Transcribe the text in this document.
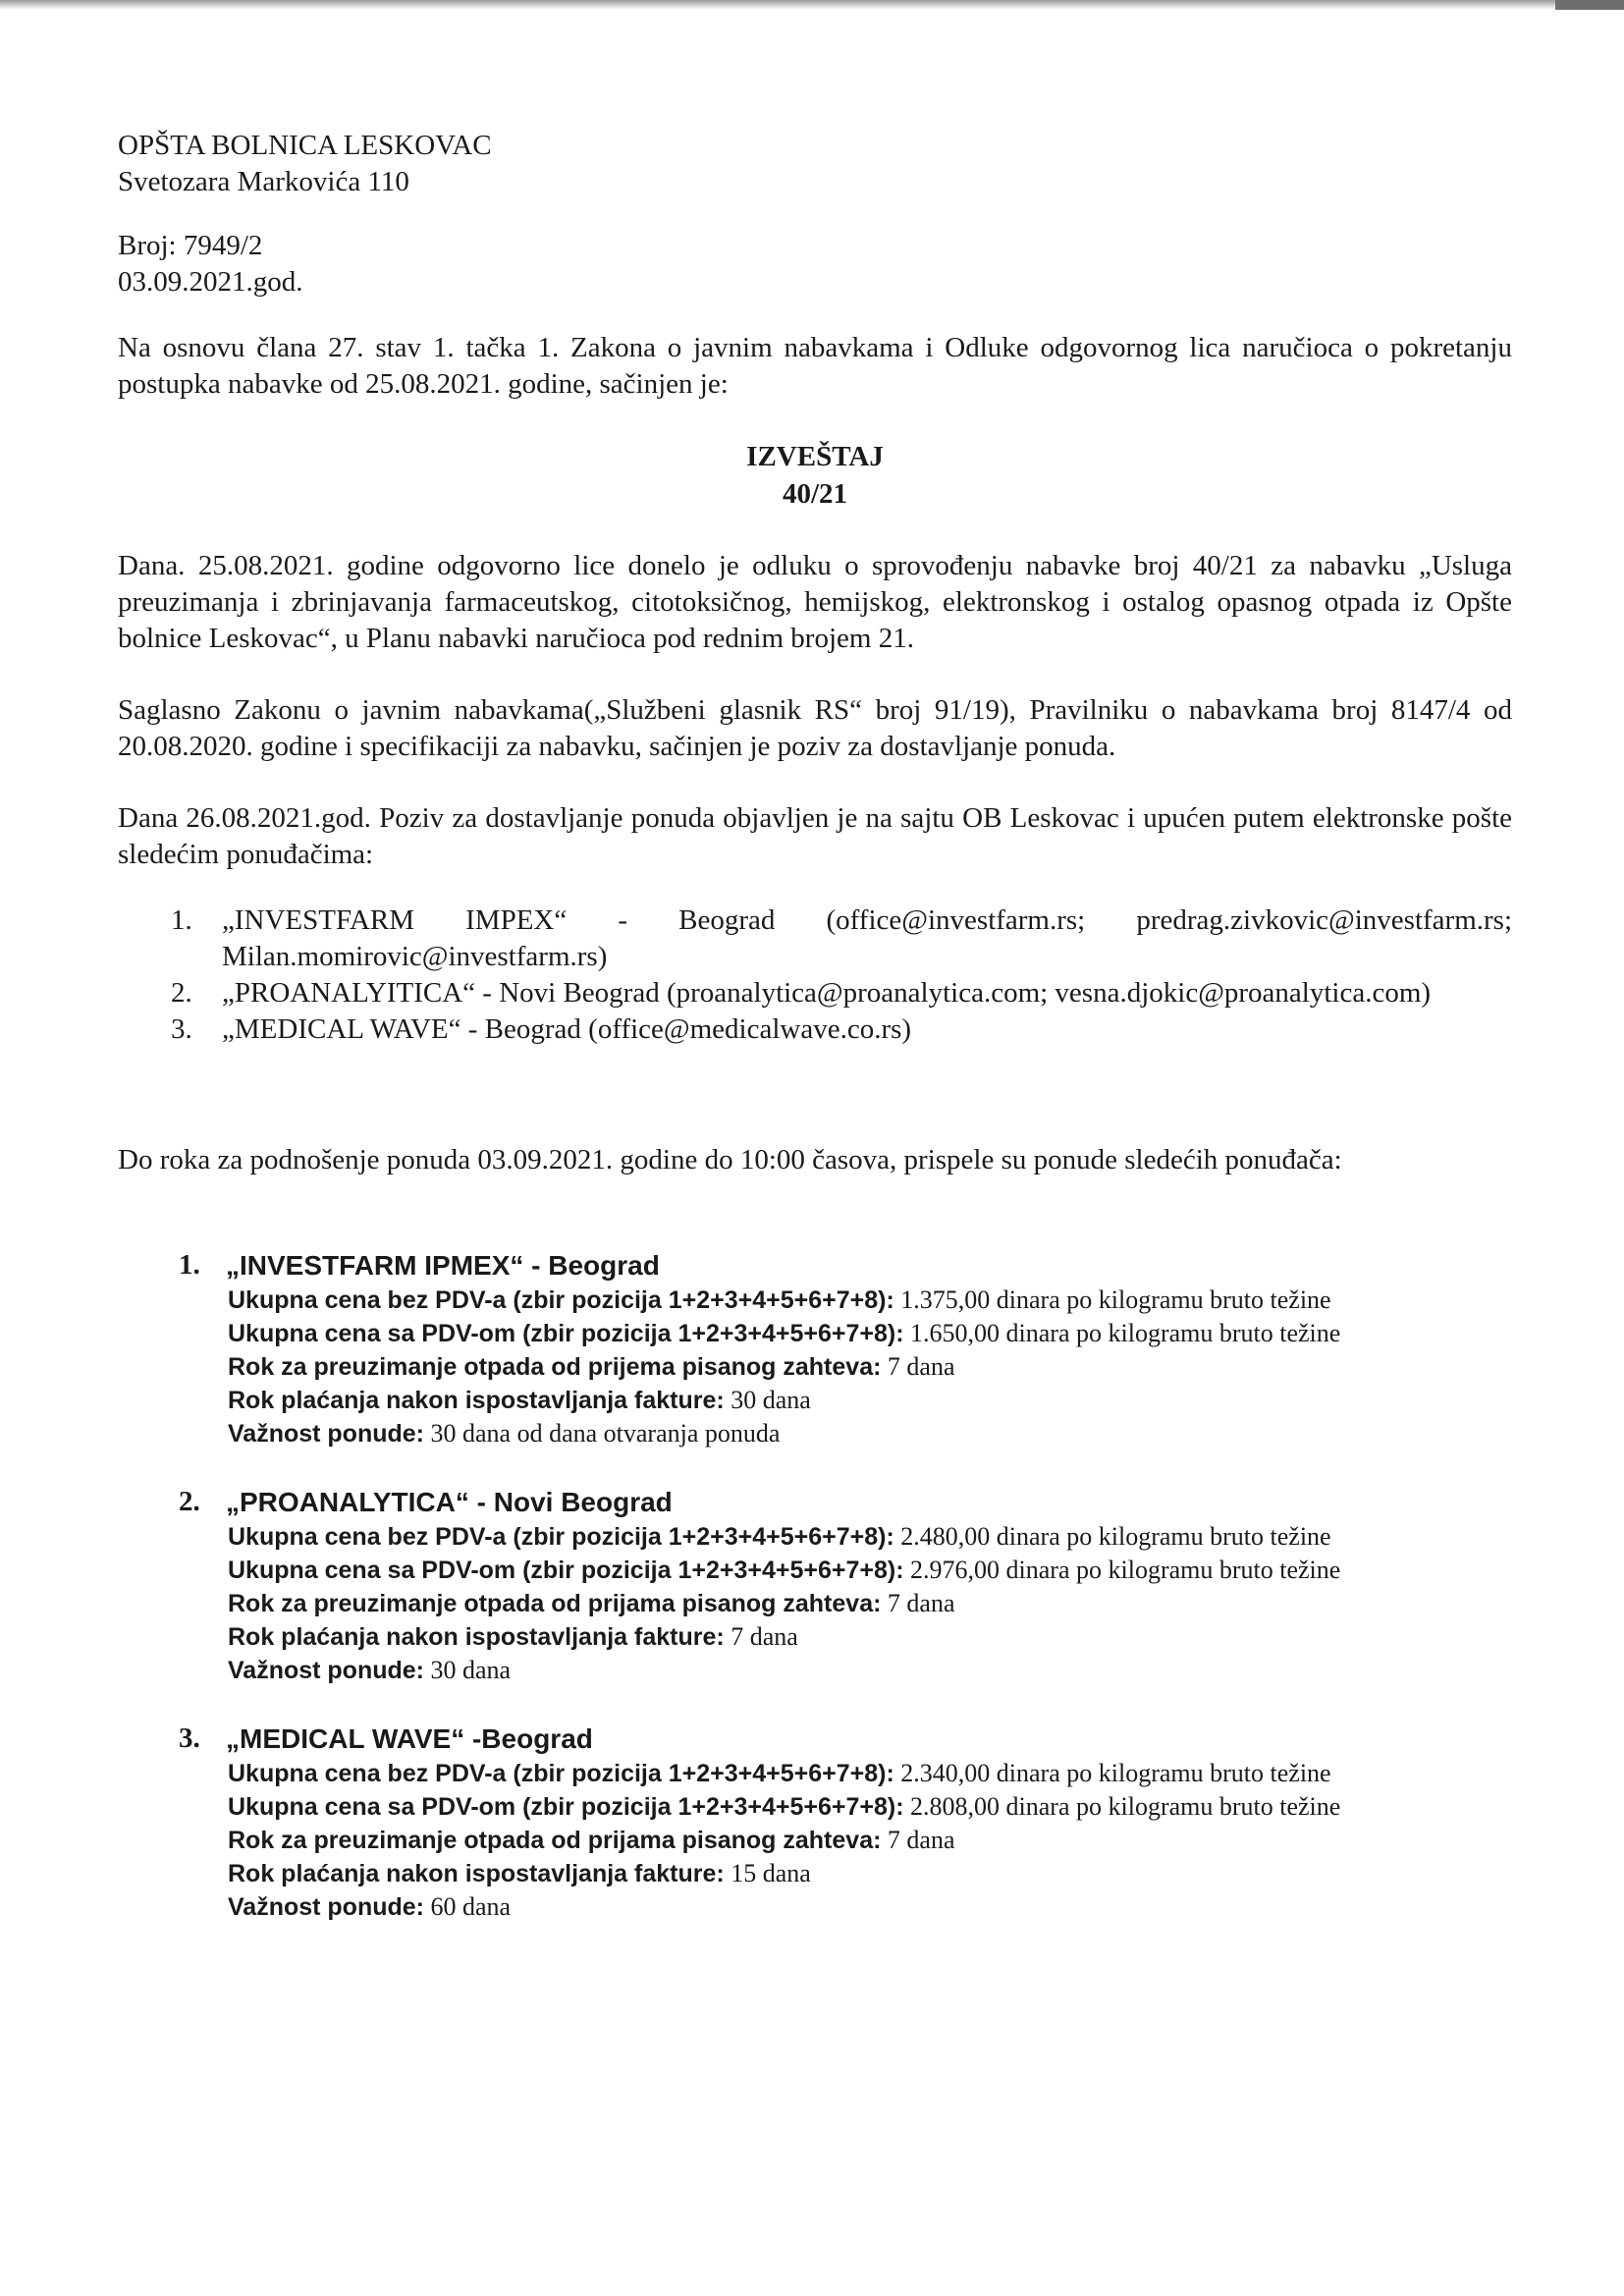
OPŠTA BOLNICA LESKOVAC

Svetozara Markovića 110

Broj: 7949/2

03.09.2021.god.

Na osnovu člana 27. stav 1. tačka 1. Zakona o javnim nabavkama i Odluke odgovornog lica naručioca o pokretanju postupka nabavke od 25.08.2021. godine, sačinjen je:

IZVEŠTAJ

40/21

Dana. 25.08.2021. godine odgovorno lice donelo je odluku o sprovođenju nabavke broj 40/21 za nabavku „Usluga preuzimanja i zbrinjavanja farmaceutskog, citotoksičnog, hemijskog, elektronskog i ostalog opasnog otpada iz Opšte bolnice Leskovac“, u Planu nabavki naručioca pod rednim brojem 21.

Saglasno Zakonu o javnim nabavkama(„Službeni glasnik RS“ broj 91/19), Pravilniku o nabavkama broj 8147/4 od 20.08.2020. godine i specifikaciji za nabavku, sačinjen je poziv za dostavljanje ponuda.

Dana 26.08.2021.god. Poziv za dostavljanje ponuda objavljen je na sajtu OB Leskovac i upućen putem elektronske pošte sledećim ponuđačima:

1. „INVESTFARM IMPEX“ - Beograd (office@investfarm.rs; predrag.zivkovic@investfarm.rs; Milan.momirovic@investfarm.rs)
2. „PROANALYITICA“ - Novi Beograd (proanalytica@proanalytica.com; vesna.djokic@proanalytica.com)
3. „MEDICAL WAVE“ - Beograd (office@medicalwave.co.rs)

Do roka za podnošenje ponuda 03.09.2021. godine do 10:00 časova, prispele su ponude sledećih ponuđača:

1. „INVESTFARM IPMEX“ - Beograd
Ukupna cena bez PDV-a (zbir pozicija 1+2+3+4+5+6+7+8): 1.375,00 dinara po kilogramu bruto težine
Ukupna cena sa PDV-om (zbir pozicija 1+2+3+4+5+6+7+8): 1.650,00 dinara po kilogramu bruto težine
Rok za preuzimanje otpada od prijema pisanog zahteva: 7 dana
Rok plaćanja nakon ispostavljanja fakture: 30 dana
Važnost ponude: 30 dana od dana otvaranja ponuda
2. „PROANALYTICA“ - Novi Beograd
Ukupna cena bez PDV-a (zbir pozicija 1+2+3+4+5+6+7+8): 2.480,00 dinara po kilogramu bruto težine
Ukupna cena sa PDV-om (zbir pozicija 1+2+3+4+5+6+7+8): 2.976,00 dinara po kilogramu bruto težine
Rok za preuzimanje otpada od prijama pisanog zahteva: 7 dana
Rok plaćanja nakon ispostavljanja fakture: 7 dana
Važnost ponude: 30 dana
3. „MEDICAL WAVE“ -Beograd
Ukupna cena bez PDV-a (zbir pozicija 1+2+3+4+5+6+7+8): 2.340,00 dinara po kilogramu bruto težine
Ukupna cena sa PDV-om (zbir pozicija 1+2+3+4+5+6+7+8): 2.808,00 dinara po kilogramu bruto težine
Rok za preuzimanje otpada od prijama pisanog zahteva: 7 dana
Rok plaćanja nakon ispostavljanja fakture: 15 dana
Važnost ponude: 60 dana
